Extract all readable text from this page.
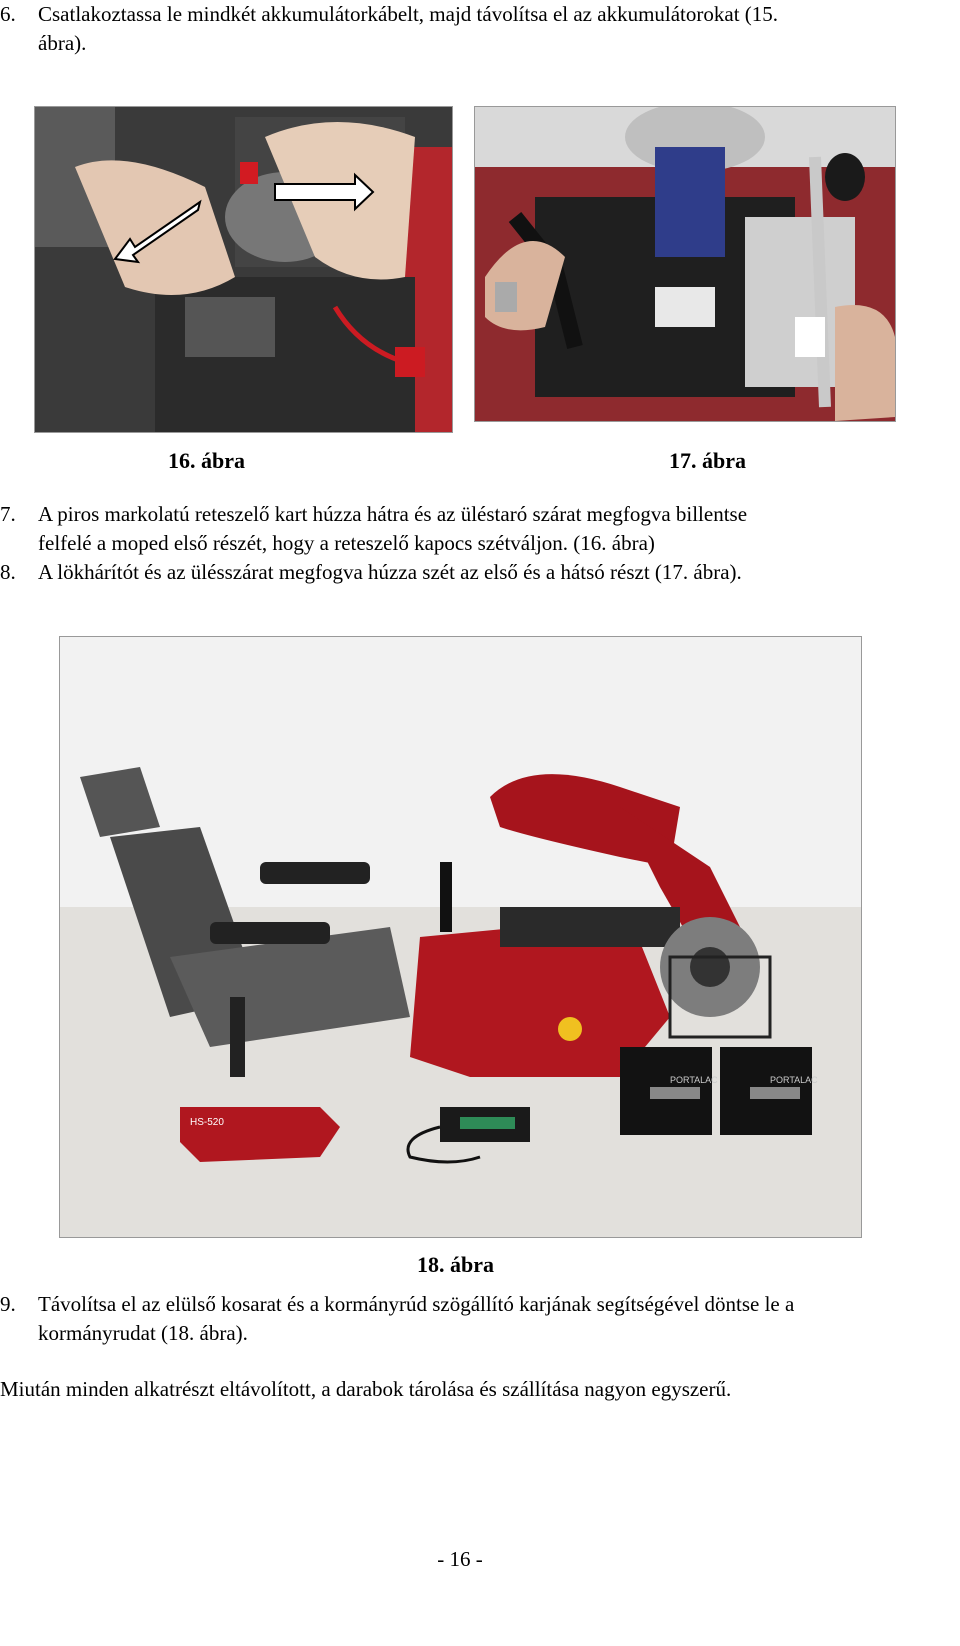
6.	Csatlakoztassa le mindkét akkumulátorkábelt, majd távolítsa el az akkumulátorokat (15.
ábra).
16. ábra	17. ábra
7.	A piros markolatú reteszelő kart húzza hátra és az üléstaró szárat megfogva billentse
felfelé a moped első részét, hogy a reteszelő kapocs szétváljon. (16. ábra)
8.	A lökhárítót és az ülésszárat megfogva húzza szét az első és a hátsó részt (17. ábra).
HS-520
PORTALAC	PORTALAC
18. ábra
9.	Távolítsa el az elülső kosarat és a kormányrúd szögállító karjának segítségével döntse le a
kormányrudat (18. ábra).
Miután minden alkatrészt eltávolított, a darabok tárolása és szállítása nagyon egyszerű.
- 16 -
